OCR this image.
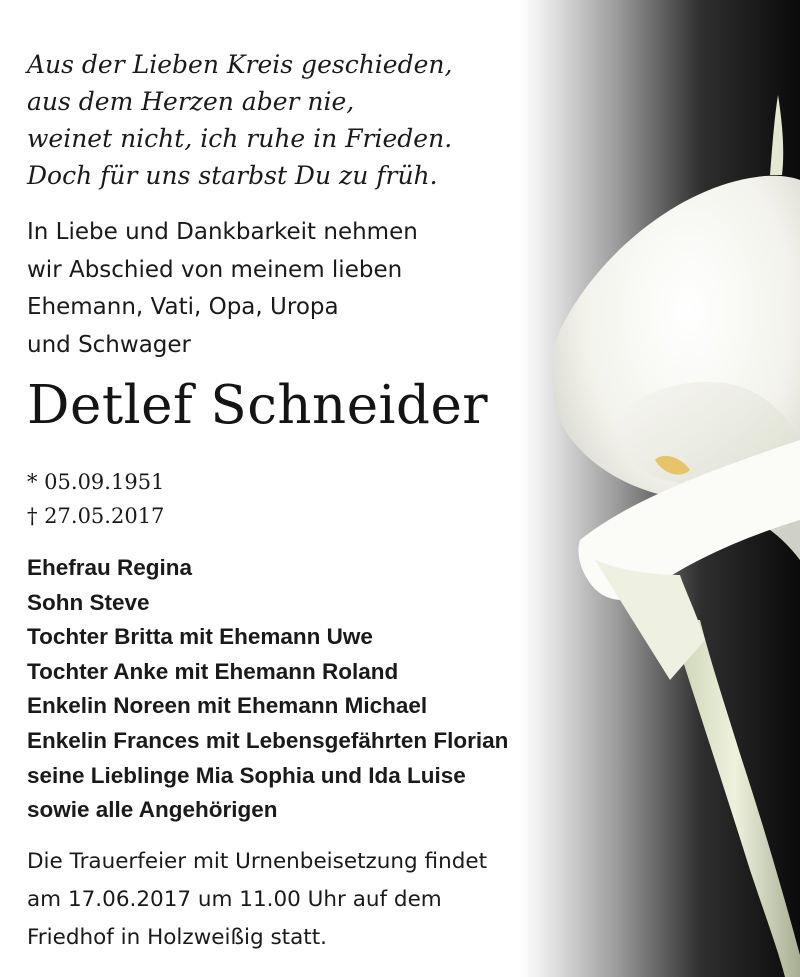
Aus der Lieben Kreis geschieden,
aus dem Herzen aber nie,
weinet nicht, ich ruhe in Frieden.
Doch für uns starbst Du zu früh.
In Liebe und Dankbarkeit nehmen
wir Abschied von meinem lieben
Ehemann, Vati, Opa, Uropa
und Schwager
Detlef Schneider
* 05.09.1951
† 27.05.2017
Ehefrau Regina
Sohn Steve
Tochter Britta mit Ehemann Uwe
Tochter Anke mit Ehemann Roland
Enkelin Noreen mit Ehemann Michael
Enkelin Frances mit Lebensgefährten Florian
seine Lieblinge Mia Sophia und Ida Luise
sowie alle Angehörigen
Die Trauerfeier mit Urnenbeisetzung findet
am 17.06.2017 um 11.00 Uhr auf dem
Friedhof in Holzweißig statt.
